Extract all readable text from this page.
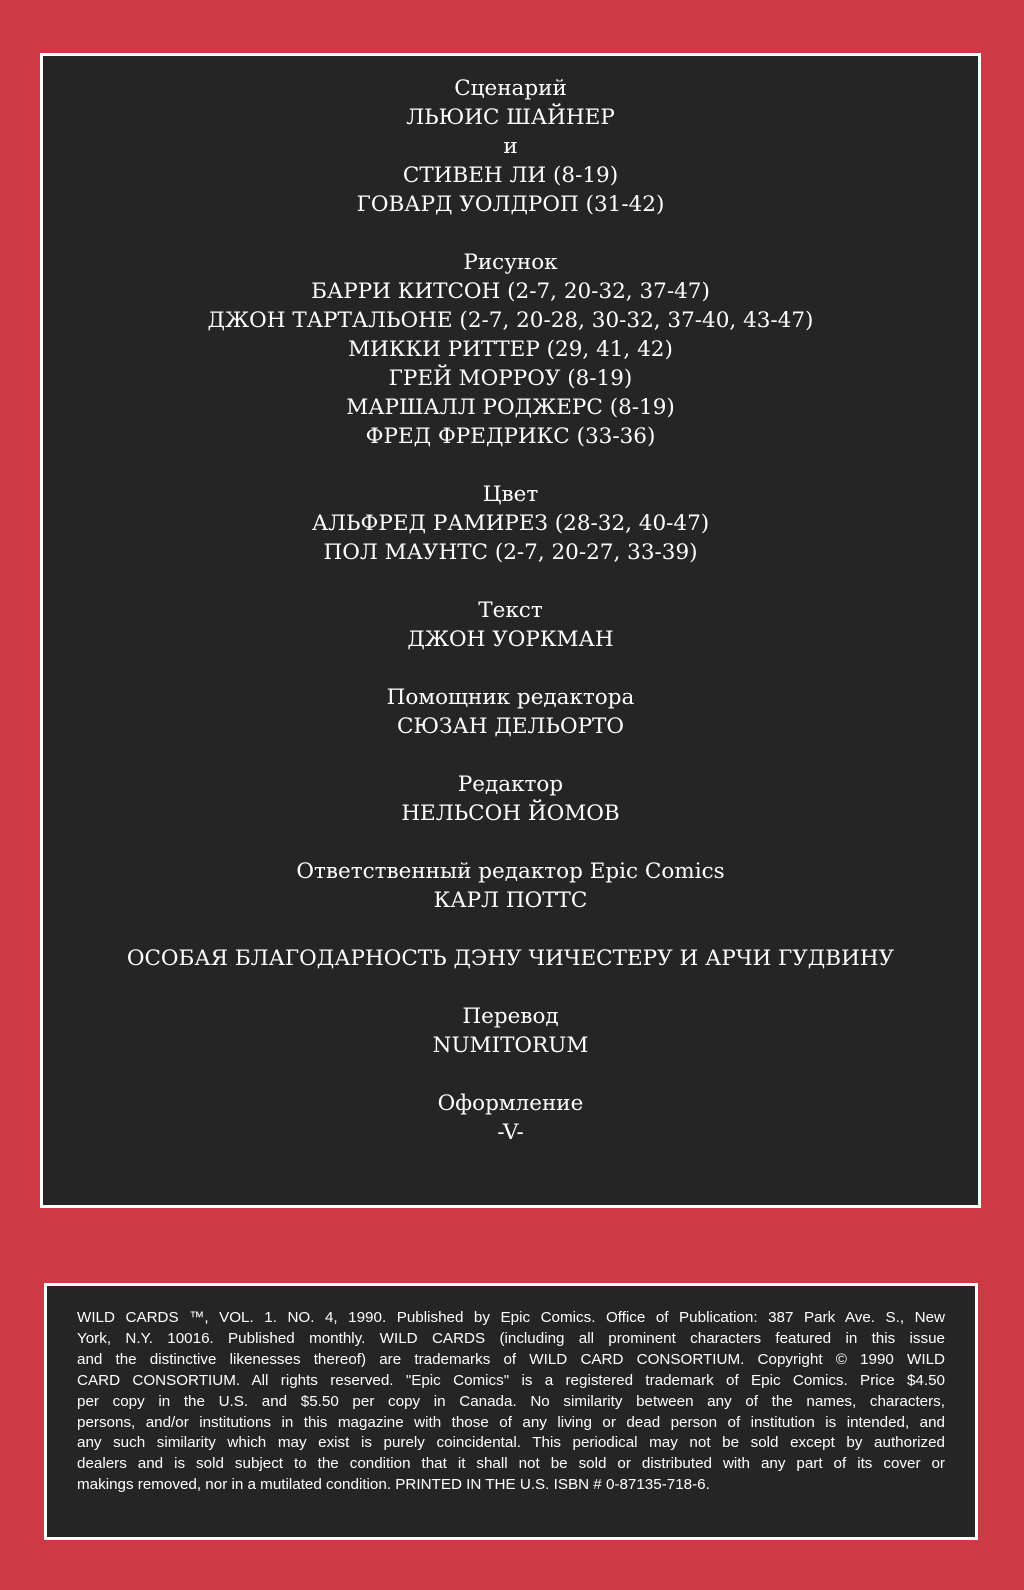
Сценарий
ЛЬЮИС ШАЙНЕР
и
СТИВЕН ЛИ (8-19)
ГОВАРД УОЛДРОП (31-42)
Рисунок
БАРРИ КИТСОН (2-7, 20-32, 37-47)
ДЖОН ТАРТАЛЬОНЕ (2-7, 20-28, 30-32, 37-40, 43-47)
МИККИ РИТТЕР (29, 41, 42)
ГРЕЙ МОРРОУ (8-19)
МАРШАЛЛ РОДЖЕРС (8-19)
ФРЕД ФРЕДРИКС (33-36)
Цвет
АЛЬФРЕД РАМИРЕЗ (28-32, 40-47)
ПОЛ МАУНТС (2-7, 20-27, 33-39)
Текст
ДЖОН УОРКМАН
Помощник редактора
СЮЗАН ДЕЛЬОРТО
Редактор
НЕЛЬСОН ЙОМОВ
Ответственный редактор Epic Comics
КАРЛ ПОТТС
ОСОБАЯ БЛАГОДАРНОСТЬ ДЭНУ ЧИЧЕСТЕРУ И АРЧИ ГУДВИНУ
Перевод
NUMITORUM
Оформление
-V-
WILD CARDS ™, VOL. 1. NO. 4, 1990. Published by Epic Comics. Office of Publication: 387 Park Ave. S., New
York, N.Y. 10016. Published monthly. WILD CARDS (including all prominent characters featured in this issue
and the distinctive likenesses thereof) are trademarks of WILD CARD CONSORTIUM. Copyright © 1990 WILD
CARD CONSORTIUM. All rights reserved. "Epic Comics" is a registered trademark of Epic Comics. Price $4.50
per copy in the U.S. and $5.50 per copy in Canada. No similarity between any of the names, characters,
persons, and/or institutions in this magazine with those of any living or dead person of institution is intended, and
any such similarity which may exist is purely coincidental. This periodical may not be sold except by authorized
dealers and is sold subject to the condition that it shall not be sold or distributed with any part of its cover or
makings removed, nor in a mutilated condition. PRINTED IN THE U.S. ISBN # 0-87135-718-6.
